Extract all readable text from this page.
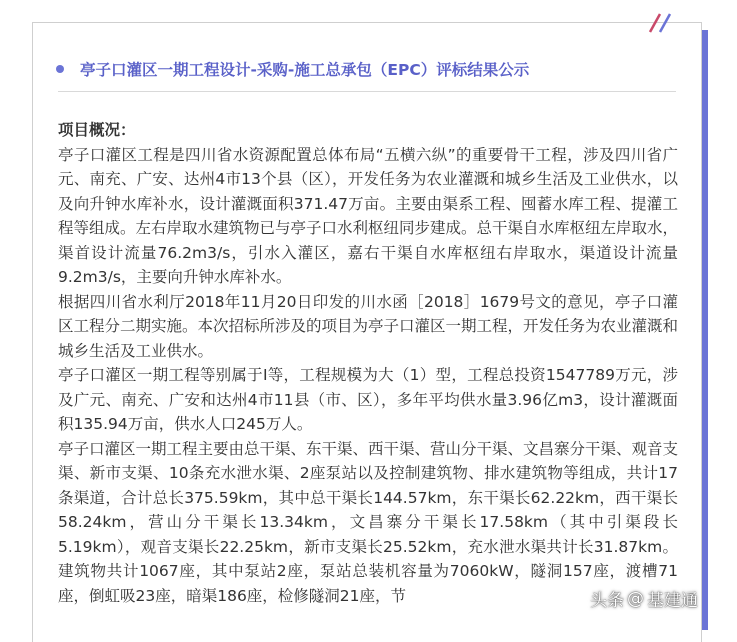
亭子口灌区一期工程设计-采购-施工总承包（EPC）评标结果公示

项目概况：

亭子口灌区工程是四川省水资源配置总体布局“五横六纵”的重要骨干工程，涉及四川省广元、南充、广安、达州4市13个县（区），开发任务为农业灌溉和城乡生活及工业供水，以及向升钟水库补水，设计灌溉面积371.47万亩。主要由渠系工程、囤蓄水库工程、提灌工程等组成。左右岸取水建筑物已与亭子口水利枢纽同步建成。总干渠自水库枢纽左岸取水，渠首设计流量76.2m3/s，引水入灌区，嘉右干渠自水库枢纽右岸取水，渠道设计流量9.2m3/s，主要向升钟水库补水。

根据四川省水利厅2018年11月20日印发的川水函［2018］1679号文的意见，亭子口灌区工程分二期实施。本次招标所涉及的项目为亭子口灌区一期工程，开发任务为农业灌溉和城乡生活及工业供水。

亭子口灌区一期工程等别属于I等，工程规模为大（1）型，工程总投资1547789万元，涉及广元、南充、广安和达州4市11县（市、区），多年平均供水量3.96亿m3，设计灌溉面积135.94万亩，供水人口245万人。

亭子口灌区一期工程主要由总干渠、东干渠、西干渠、营山分干渠、文昌寨分干渠、观音支渠、新市支渠、10条充水泄水渠、2座泵站以及控制建筑物、排水建筑物等组成，共计17条渠道，合计总长375.59km，其中总干渠长144.57km，东干渠长62.22km，西干渠长58.24km，营山分干渠长13.34km，文昌寨分干渠长17.58km（其中引渠段长5.19km），观音支渠长22.25km，新市支渠长25.52km，充水泄水渠共计长31.87km。建筑物共计1067座，其中泵站2座，泵站总装机容量为7060kW，隧洞157座，渡槽71座，倒虹吸23座，暗渠186座，检修隧洞21座，节	头条 @ 基建通
